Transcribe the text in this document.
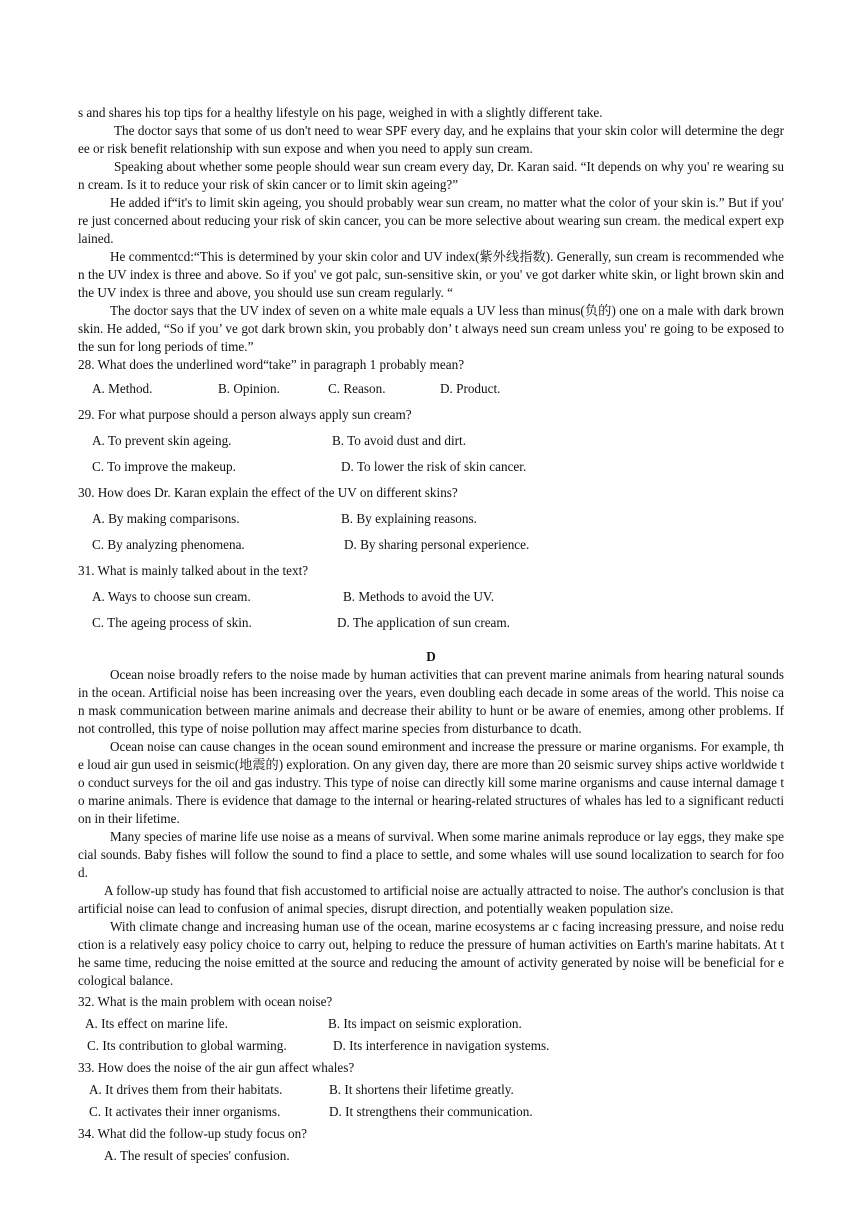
s and shares his top tips for a healthy lifestyle on his page, weighed in with a slightly different take.

The doctor says that some of us don't need to wear SPF every day, and he explains that your skin color will determine the degree or risk benefit relationship with sun expose and when you need to apply sun cream.

Speaking about whether some people should wear sun cream every day, Dr. Karan said. “It depends on why you' re wearing sun cream. Is it to reduce your risk of skin cancer or to limit skin ageing?”

He added if“it's to limit skin ageing, you should probably wear sun cream, no matter what the color of your skin is.” But if you' re just concerned about reducing your risk of skin cancer, you can be more selective about wearing sun cream. the medical expert explained.

He commentcd:“This is determined by your skin color and UV index(紫外线指数). Generally, sun cream is recommended when the UV index is three and above. So if you' ve got palc, sun-sensitive skin, or you' ve got darker white skin, or light brown skin and the UV index is three and above, you should use sun cream regularly. “

The doctor says that the UV index of seven on a white male equals a UV less than minus(负的) one on a male with dark brown skin. He added, “So if you’ ve got dark brown skin, you probably don’ t always need sun cream unless you' re going to be exposed to the sun for long periods of time.”

28. What does the underlined word“take” in paragraph 1 probably mean?

A. Method.	B. Opinion.	C. Reason.	D. Product.

29. For what purpose should a person always apply sun cream?

A. To prevent skin ageing.	B. To avoid dust and dirt.
C. To improve the makeup.	D. To lower the risk of skin cancer.

30. How does Dr. Karan explain the effect of the UV on different skins?

A. By making comparisons.	B. By explaining reasons.
C. By analyzing phenomena.	D. By sharing personal experience.

31. What is mainly talked about in the text?

A. Ways to choose sun cream.	B. Methods to avoid the UV.
C. The ageing process of skin.	D. The application of sun cream.

D

Ocean noise broadly refers to the noise made by human activities that can prevent marine animals from hearing natural sounds in the ocean. Artificial noise has been increasing over the years, even doubling each decade in some areas of the world. This noise can mask communication between marine animals and decrease their ability to hunt or be aware of enemies, among other problems. If not controlled, this type of noise pollution may affect marine species from disturbance to dcath.

Ocean noise can cause changes in the ocean sound emironment and increase the pressure or marine organisms. For example, the loud air gun used in seismic(地震的) exploration. On any given day, there are more than 20 seismic survey ships active worldwide to conduct surveys for the oil and gas industry. This type of noise can directly kill some marine organisms and cause internal damage to marine animals. There is evidence that damage to the internal or hearing-related structures of whales has led to a significant reduction in their lifetime.

Many species of marine life use noise as a means of survival. When some marine animals reproduce or lay eggs, they make special sounds. Baby fishes will follow the sound to find a place to settle, and some whales will use sound localization to search for food.

A follow-up study has found that fish accustomed to artificial noise are actually attracted to noise. The author's conclusion is that artificial noise can lead to confusion of animal species, disrupt direction, and potentially weaken population size.

With climate change and increasing human use of the ocean, marine ecosystems ar c facing increasing pressure, and noise reduction is a relatively easy policy choice to carry out, helping to reduce the pressure of human activities on Earth's marine habitats. At the same time, reducing the noise emitted at the source and reducing the amount of activity generated by noise will be beneficial for ecological balance.

32. What is the main problem with ocean noise?

A. Its effect on marine life.	B. Its impact on seismic exploration.
C. Its contribution to global warming.	D. Its interference in navigation systems.

33. How does the noise of the air gun affect whales?

A. It drives them from their habitats.	B. It shortens their lifetime greatly.
C. It activates their inner organisms.	D. It strengthens their communication.

34. What did the follow-up study focus on?

A. The result of species' confusion.
